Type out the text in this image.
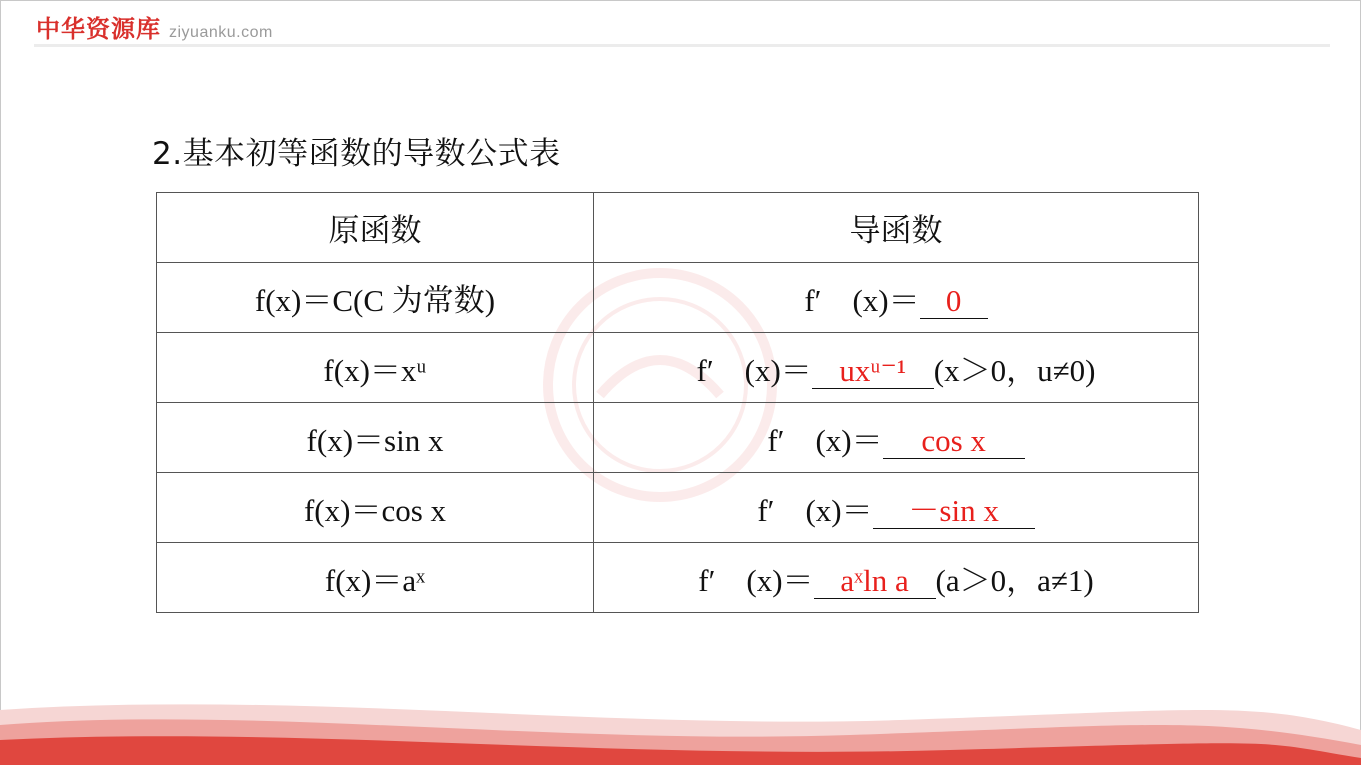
中华资源库 ziyuanku.com
2.基本初等函数的导数公式表
原函数	导函数
f(x)＝C(C 为常数)	f′　(x)＝ 0
f(x)＝xᵘ	f′　(x)＝ uxᵘ⁻¹ (x＞0，u≠0)
f(x)＝sin x	f′　(x)＝ cos x
f(x)＝cos x	f′　(x)＝ －sin x
f(x)＝aˣ	f′　(x)＝ aˣln a (a＞0，a≠1)
